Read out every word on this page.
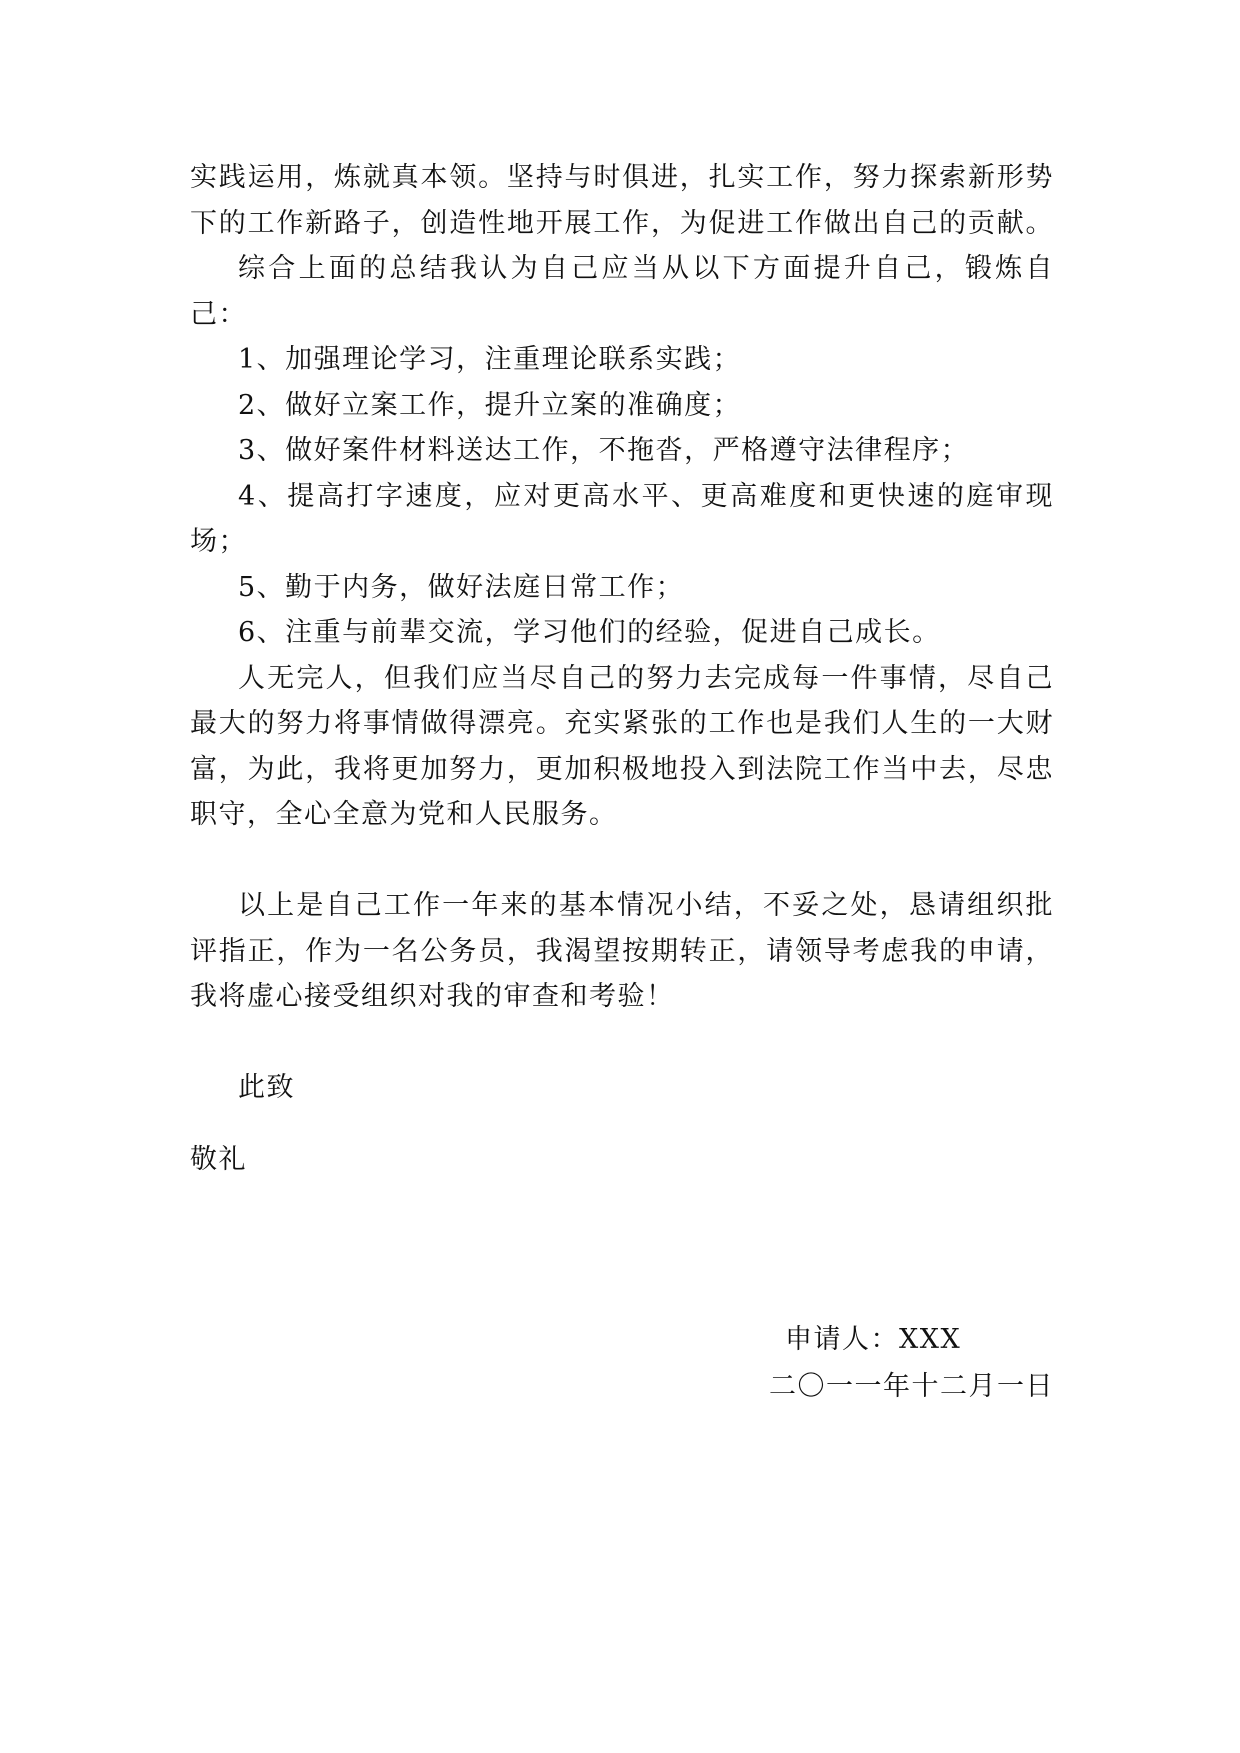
实践运用，炼就真本领。坚持与时俱进，扎实工作，努力探索新形势
下的工作新路子，创造性地开展工作，为促进工作做出自己的贡献。
综合上面的总结我认为自己应当从以下方面提升自己，锻炼自
己：
1、加强理论学习，注重理论联系实践；
2、做好立案工作，提升立案的准确度；
3、做好案件材料送达工作，不拖沓，严格遵守法律程序；
4、提高打字速度，应对更高水平、更高难度和更快速的庭审现
场；
5、勤于内务，做好法庭日常工作；
6、注重与前辈交流，学习他们的经验，促进自己成长。
人无完人，但我们应当尽自己的努力去完成每一件事情，尽自己
最大的努力将事情做得漂亮。充实紧张的工作也是我们人生的一大财
富，为此，我将更加努力，更加积极地投入到法院工作当中去，尽忠
职守，全心全意为党和人民服务。
以上是自己工作一年来的基本情况小结，不妥之处，恳请组织批
评指正，作为一名公务员，我渴望按期转正，请领导考虑我的申请，
我将虚心接受组织对我的审查和考验！
此致
敬礼
申请人：XXX
二〇一一年十二月一日
